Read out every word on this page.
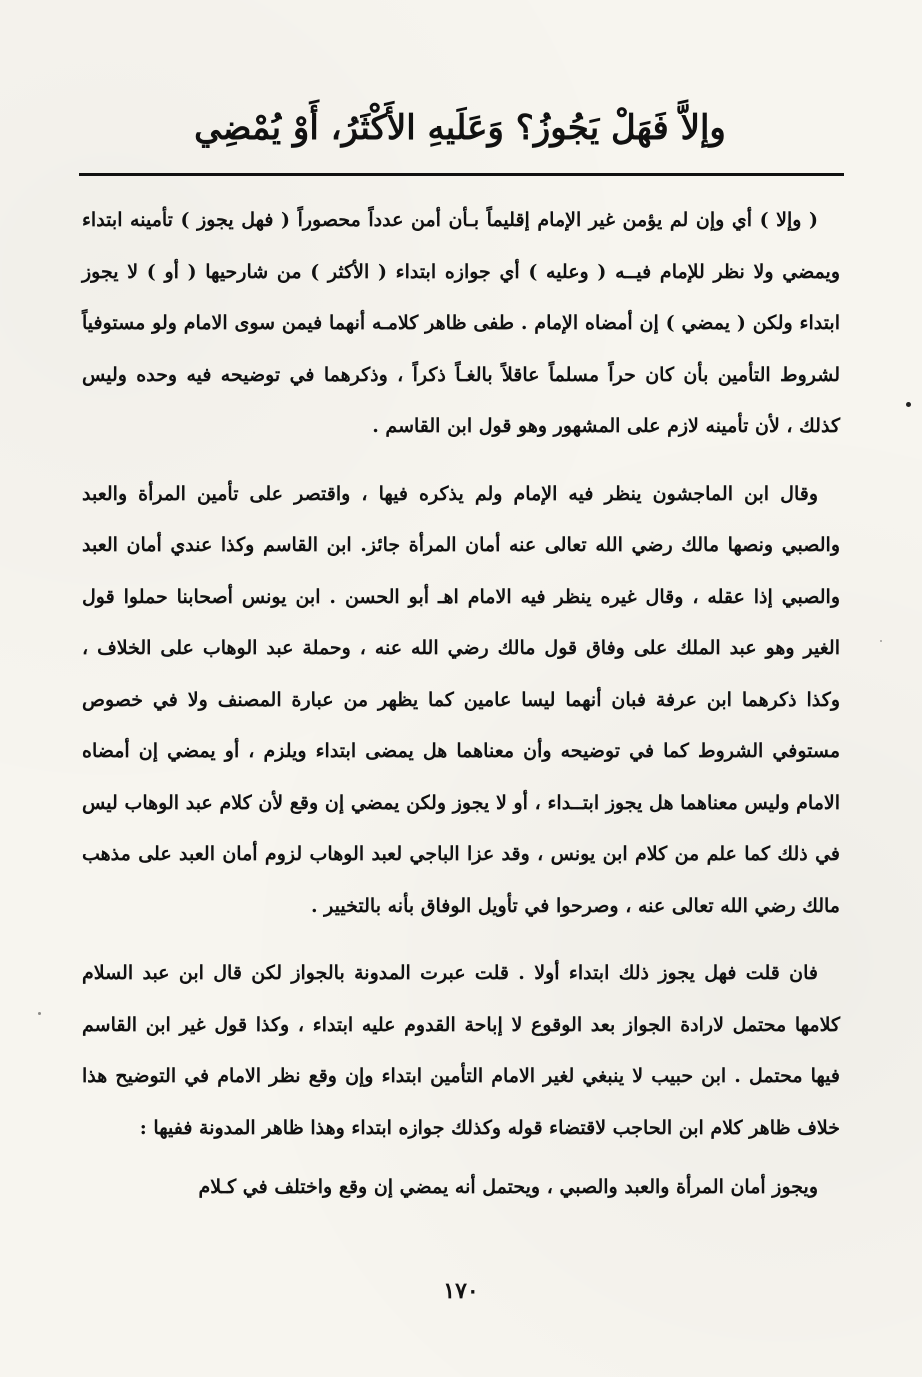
وإلاَّ فَهَلْ يَجُوزُ؟ وَعَلَيهِ الأَكْثَرُ، أَوْ يُمْضِي

( وإلا ) أي وإن لم يؤمن غير الإمام إقليماً بـأن أمن عدداً محصوراً ( فهل يجوز ) تأمينه ابتداء ويمضي ولا نظر للإمام فيــه ( وعليه ) أي جوازه ابتداء ( الأكثر ) من شارحيها ( أو ) لا يجوز ابتداء ولكن ( يمضي ) إن أمضاه الإمام . طفى ظاهر كلامـه أنهما فيمن سوى الامام ولو مستوفياً لشروط التأمين بأن كان حراً مسلماً عاقلاً بالغـاً ذكراً ، وذكرهما في توضيحه فيه وحده وليس كذلك ، لأن تأمينه لازم على المشهور وهو قول ابن القاسم .

وقال ابن الماجشون ينظر فيه الإمام ولم يذكره فيها ، واقتصر على تأمين المرأة والعبد والصبي ونصها مالك رضي الله تعالى عنه أمان المرأة جائز. ابن القاسم وكذا عندي أمان العبد والصبي إذا عقله ، وقال غيره ينظر فيه الامام اهـ أبو الحسن . ابن يونس أصحابنا حملوا قول الغير وهو عبد الملك على وفاق قول مالك رضي الله عنه ، وحملة عبد الوهاب على الخلاف ، وكذا ذكرهما ابن عرفة فبان أنهما ليسا عامين كما يظهر من عبارة المصنف ولا في خصوص مستوفي الشروط كما في توضيحه وأن معناهما هل يمضى ابتداء ويلزم ، أو يمضي إن أمضاه الامام وليس معناهما هل يجوز ابتــداء ، أو لا يجوز ولكن يمضي إن وقع لأن كلام عبد الوهاب ليس في ذلك كما علم من كلام ابن يونس ، وقد عزا الباجي لعبد الوهاب لزوم أمان العبد على مذهب مالك رضي الله تعالى عنه ، وصرحوا في تأويل الوفاق بأنه بالتخيير .

فان قلت فهل يجوز ذلك ابتداء أولا . قلت عبرت المدونة بالجواز لكن قال ابن عبد السلام كلامها محتمل لارادة الجواز بعد الوقوع لا إباحة القدوم عليه ابتداء ، وكذا قول غير ابن القاسم فيها محتمل . ابن حبيب لا ينبغي لغير الامام التأمين ابتداء وإن وقع نظر الامام في التوضيح هذا خلاف ظاهر كلام ابن الحاجب لاقتضاء قوله وكذلك جوازه ابتداء وهذا ظاهر المدونة ففيها :

ويجوز أمان المرأة والعبد والصبي ، ويحتمل أنه يمضي إن وقع واختلف في كـلام

١٧٠
